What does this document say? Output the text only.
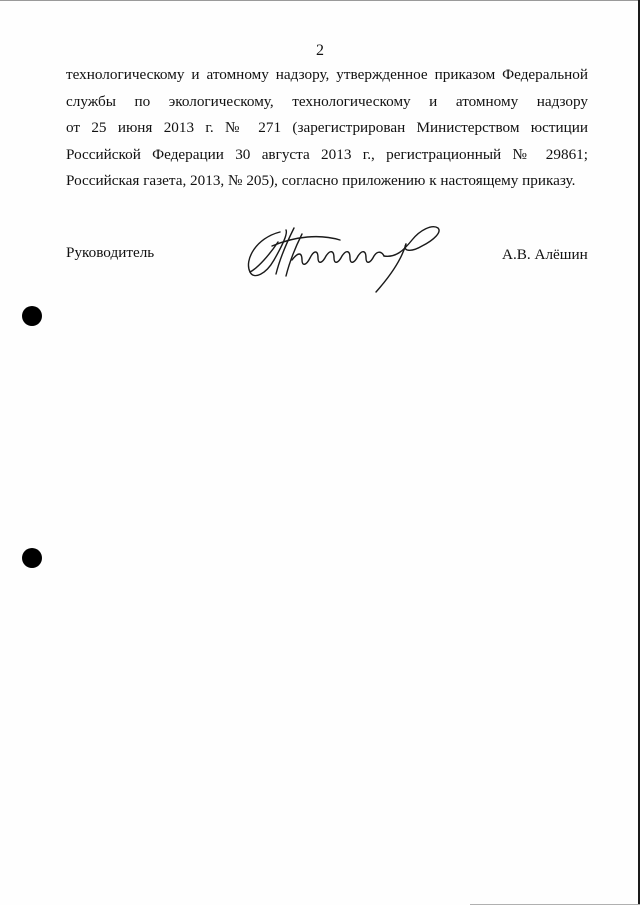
2
технологическому и атомному надзору, утвержденное приказом Федеральной
службы по экологическому, технологическому и атомному надзору
от 25 июня 2013 г. № 271 (зарегистрирован Министерством юстиции
Российской Федерации 30 августа 2013 г., регистрационный № 29861;
Российская газета, 2013, № 205), согласно приложению к настоящему приказу.
Руководитель	А.В. Алёшин
